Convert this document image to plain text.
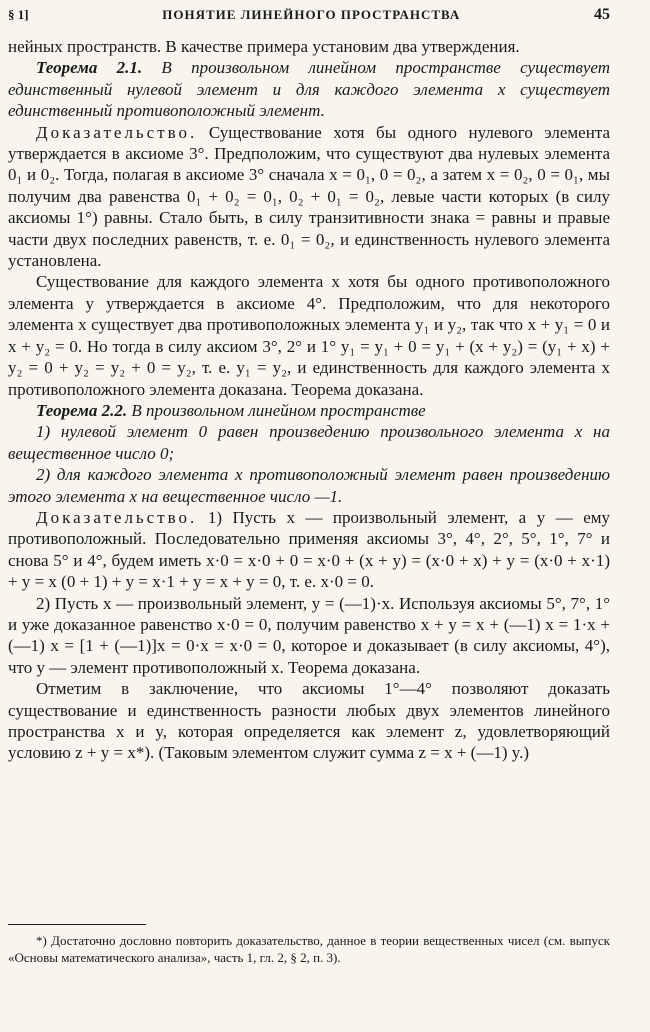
§ 1]	ПОНЯТИЕ ЛИНЕЙНОГО ПРОСТРАНСТВА	45

нейных пространств. В качестве примера установим два утверждения.

Теорема 2.1. В произвольном линейном пространстве существует единственный нулевой элемент и для каждого элемента x существует единственный противоположный элемент.

Доказательство. Существование хотя бы одного нулевого элемента утверждается в аксиоме 3°. Предположим, что существуют два нулевых элемента 0₁ и 0₂. Тогда, полагая в аксиоме 3° сначала x = 0₁, 0 = 0₂, а затем x = 0₂, 0 = 0₁, мы получим два равенства 0₁ + 0₂ = 0₁, 0₂ + 0₁ = 0₂, левые части которых (в силу аксиомы 1°) равны. Стало быть, в силу транзитивности знака = равны и правые части двух последних равенств, т. е. 0₁ = 0₂, и единственность нулевого элемента установлена.

Существование для каждого элемента x хотя бы одного противоположного элемента y утверждается в аксиоме 4°. Предположим, что для некоторого элемента x существует два противоположных элемента y₁ и y₂, так что x + y₁ = 0 и x + y₂ = 0. Но тогда в силу аксиом 3°, 2° и 1° y₁ = y₁ + 0 = y₁ + (x + y₂) = (y₁ + x) + y₂ = 0 + y₂ = y₂ + 0 = y₂, т. е. y₁ = y₂, и единственность для каждого элемента x противоположного элемента доказана. Теорема доказана.

Теорема 2.2. В произвольном линейном пространстве

1) нулевой элемент 0 равен произведению произвольного элемента x на вещественное число 0;

2) для каждого элемента x противоположный элемент равен произведению этого элемента x на вещественное число —1.

Доказательство. 1) Пусть x — произвольный элемент, а y — ему противоположный. Последовательно применяя аксиомы 3°, 4°, 2°, 5°, 1°, 7° и снова 5° и 4°, будем иметь x·0 = x·0 + 0 = x·0 + (x + y) = (x·0 + x) + y = (x·0 + x·1) + y = x (0 + 1) + y = x·1 + y = x + y = 0, т. е. x·0 = 0.

2) Пусть x — произвольный элемент, y = (—1)·x. Используя аксиомы 5°, 7°, 1° и уже доказанное равенство x·0 = 0, получим равенство x + y = x + (—1) x = 1·x + (—1) x = [1 + (—1)]x = 0·x = x·0 = 0, которое и доказывает (в силу аксиомы, 4°), что y — элемент противоположный x. Теорема доказана.

Отметим в заключение, что аксиомы 1°—4° позволяют доказать существование и единственность разности любых двух элементов линейного пространства x и y, которая определяется как элемент z, удовлетворяющий условию z + y = x*). (Таковым элементом служит сумма z = x + (—1) y.)

*) Достаточно дословно повторить доказательство, данное в теории вещественных чисел (см. выпуск «Основы математического анализа», часть 1, гл. 2, § 2, п. 3).
